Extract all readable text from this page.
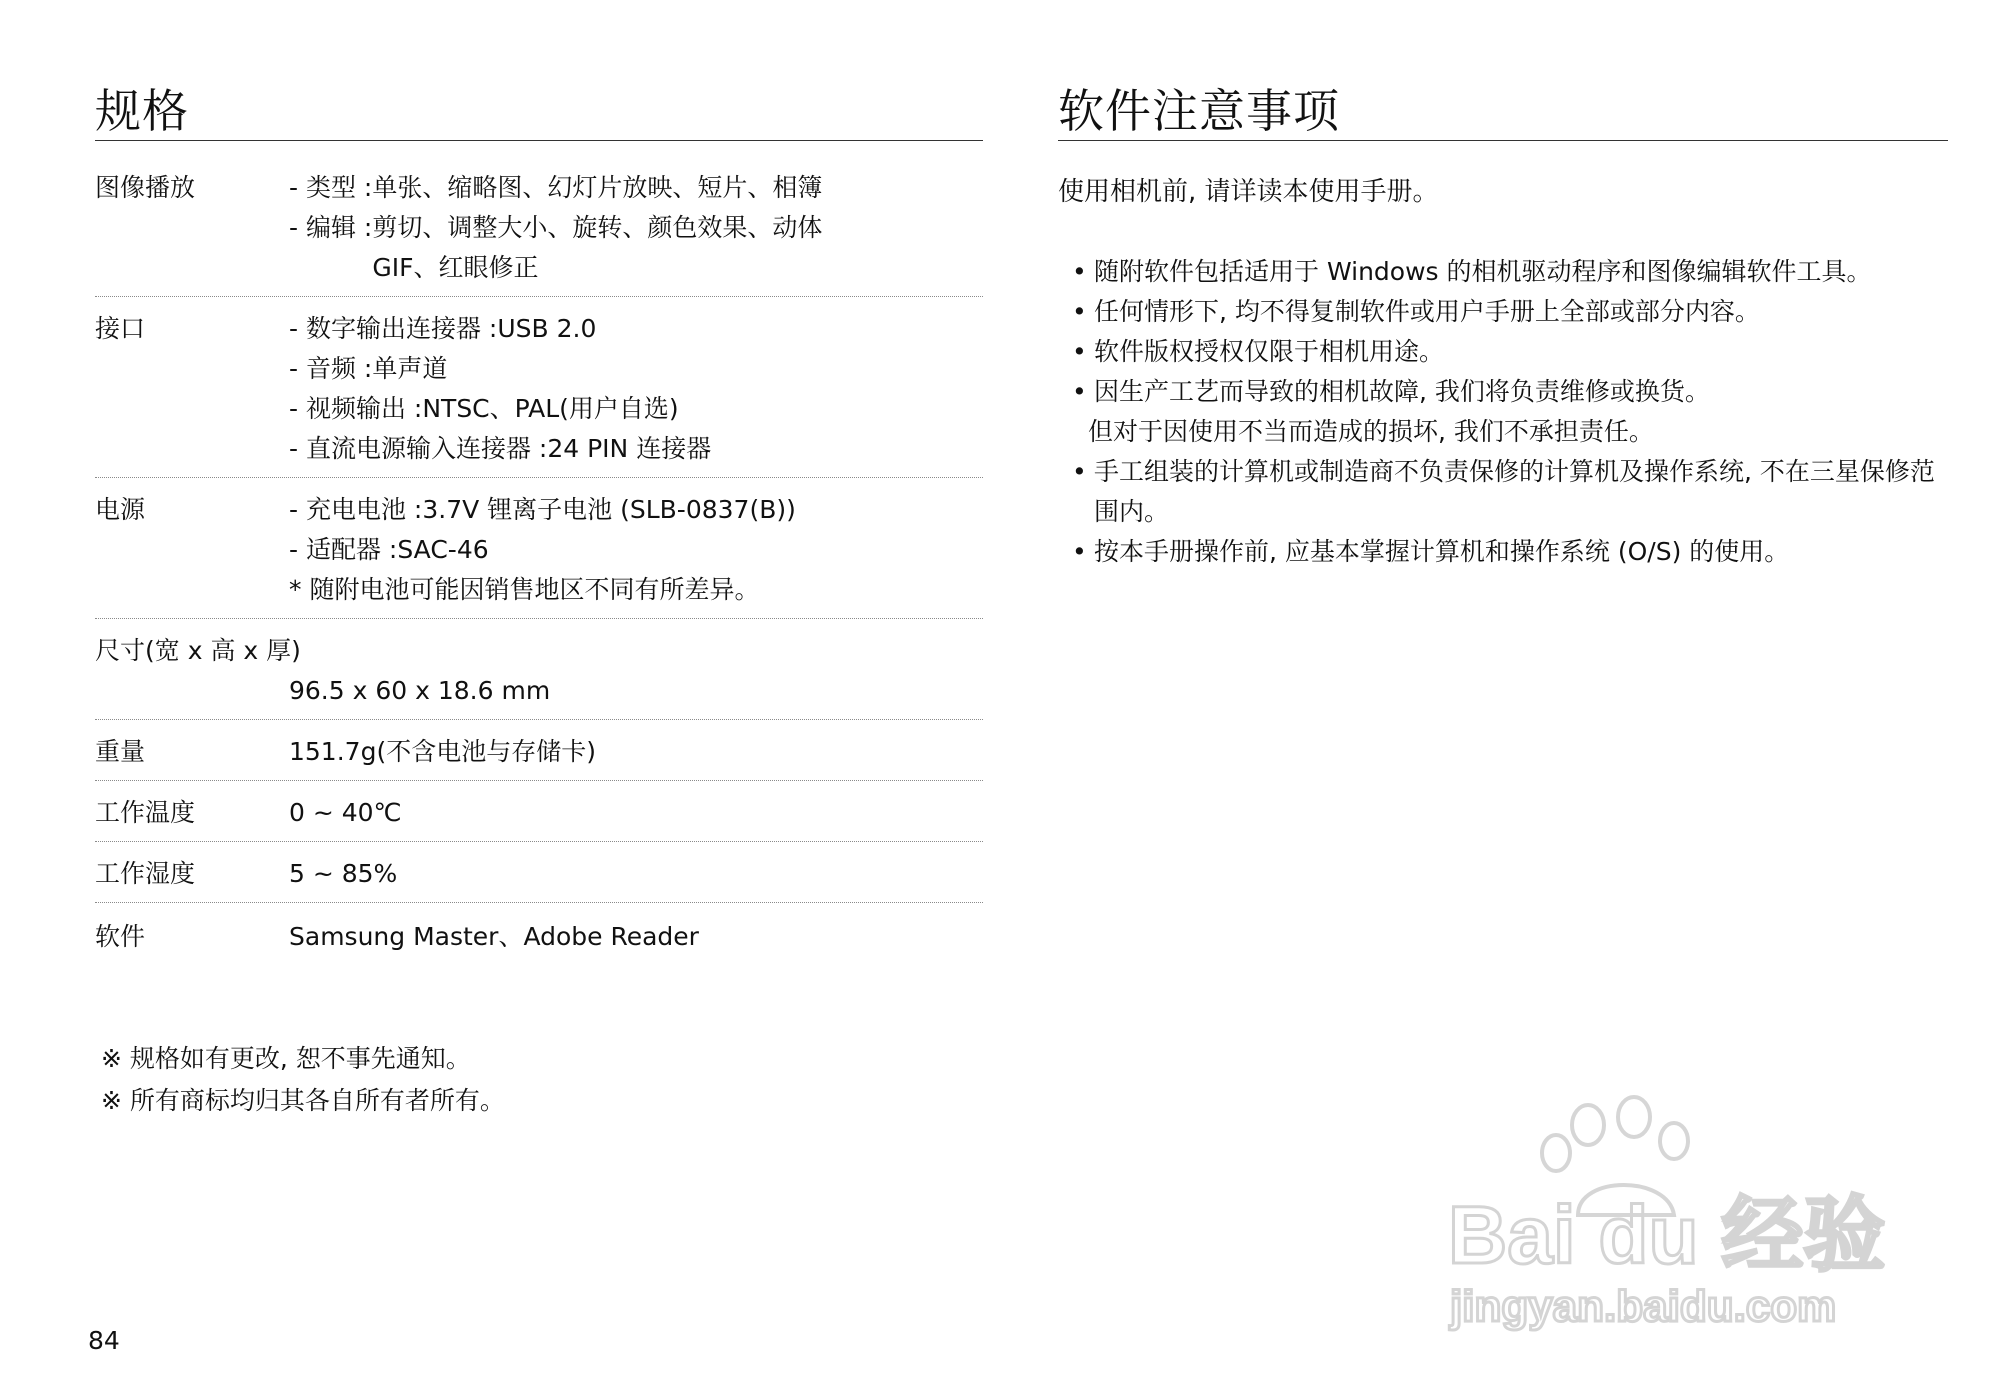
规格
图像播放	- 类型 : 单张、缩略图、幻灯片放映、短片、相簿
- 编辑 : 剪切、调整大小、旋转、颜色效果、动体 GIF、红眼修正
接口	- 数字输出连接器 : USB 2.0
- 音频 : 单声道
- 视频输出 : NTSC、PAL(用户自选)
- 直流电源输入连接器 : 24 PIN 连接器
电源	- 充电电池 : 3.7V 锂离子电池 (SLB-0837(B))
- 适配器 : SAC-46
* 随附电池可能因销售地区不同有所差异。
尺寸(宽 x 高 x 厚)
96.5 x 60 x 18.6 mm
重量	151.7g(不含电池与存储卡)
工作温度	0 ~ 40℃
工作湿度	5 ~ 85%
软件	Samsung Master、Adobe Reader
※ 规格如有更改, 恕不事先通知。
※ 所有商标均归其各自所有者所有。
软件注意事项
使用相机前, 请详读本使用手册。
• 随附软件包括适用于 Windows 的相机驱动程序和图像编辑软件工具。
• 任何情形下, 均不得复制软件或用户手册上全部或部分内容。
• 软件版权授权仅限于相机用途。
• 因生产工艺而导致的相机故障, 我们将负责维修或换货。
但对于因使用不当而造成的损坏, 我们不承担责任。
• 手工组装的计算机或制造商不负责保修的计算机及操作系统, 不在三星保修范围内。
• 按本手册操作前, 应基本掌握计算机和操作系统 (O/S) 的使用。
84
Bai du 经验
jingyan.baidu.com
